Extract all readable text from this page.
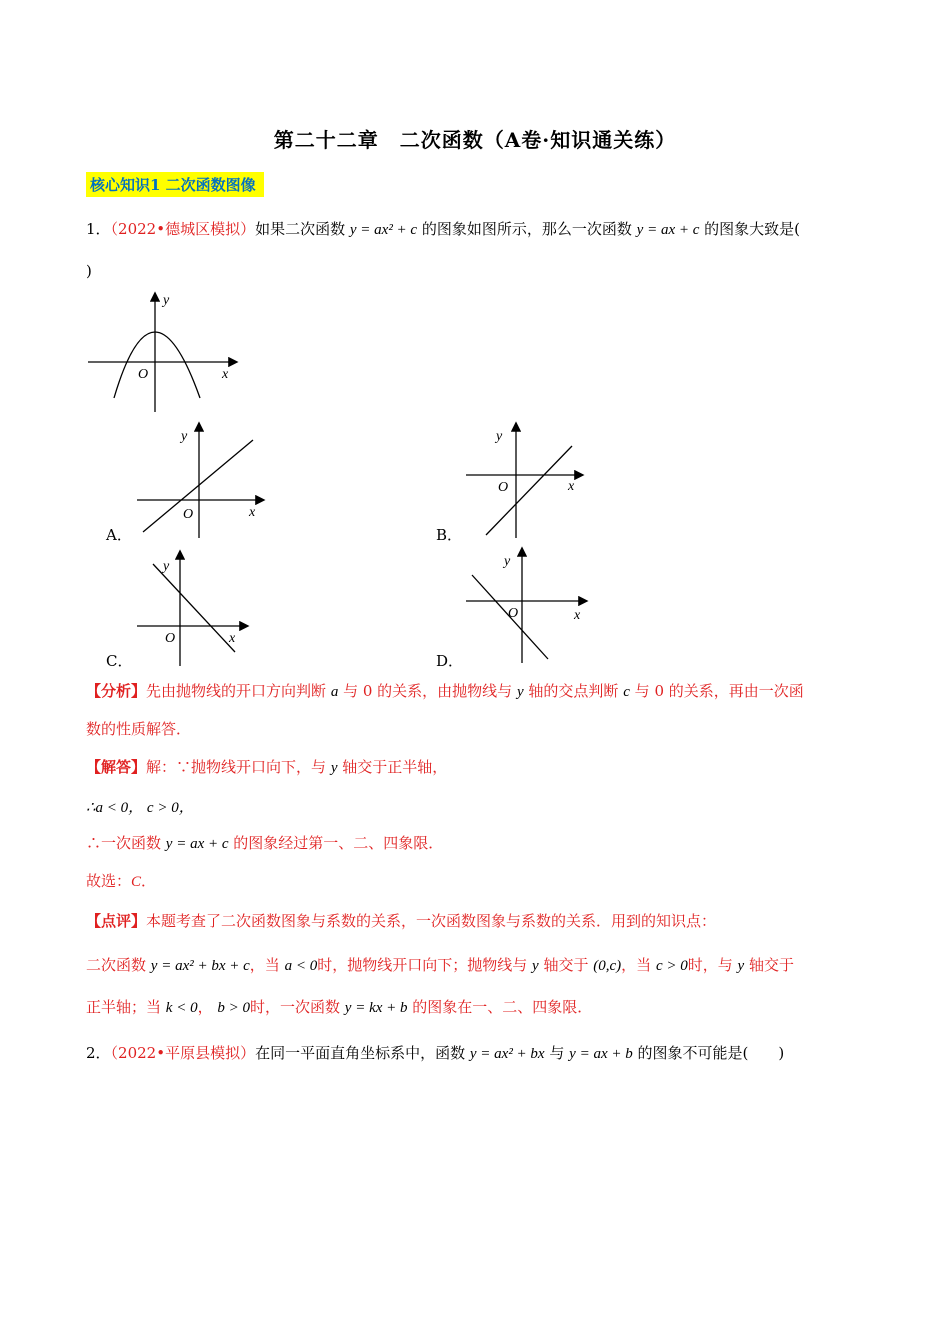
第二十二章　二次函数（A卷·知识通关练）
核心知识1 二次函数图像
1．（2022•德城区模拟）如果二次函数 y = ax² + c 的图象如图所示，那么一次函数 y = ax + c 的图象大致是(
)
y
x
O
y
x
O
A．
y
x
O
B．
y
x
O
C．
y
x
O
D．
【分析】先由抛物线的开口方向判断 a 与 0 的关系，由抛物线与 y 轴的交点判断 c 与 0 的关系，再由一次函
数的性质解答．
【解答】解：∵抛物线开口向下，与 y 轴交于正半轴，
∴a < 0， c > 0，
∴一次函数 y = ax + c 的图象经过第一、二、四象限．
故选：C．
【点评】本题考查了二次函数图象与系数的关系，一次函数图象与系数的关系．用到的知识点：
二次函数 y = ax² + bx + c，当 a < 0时，抛物线开口向下；抛物线与 y 轴交于 (0,c)，当 c > 0时，与 y 轴交于
正半轴；当 k < 0， b > 0时，一次函数 y = kx + b 的图象在一、二、四象限．
2．（2022•平原县模拟）在同一平面直角坐标系中，函数 y = ax² + bx 与 y = ax + b 的图象不可能是(　　 )
